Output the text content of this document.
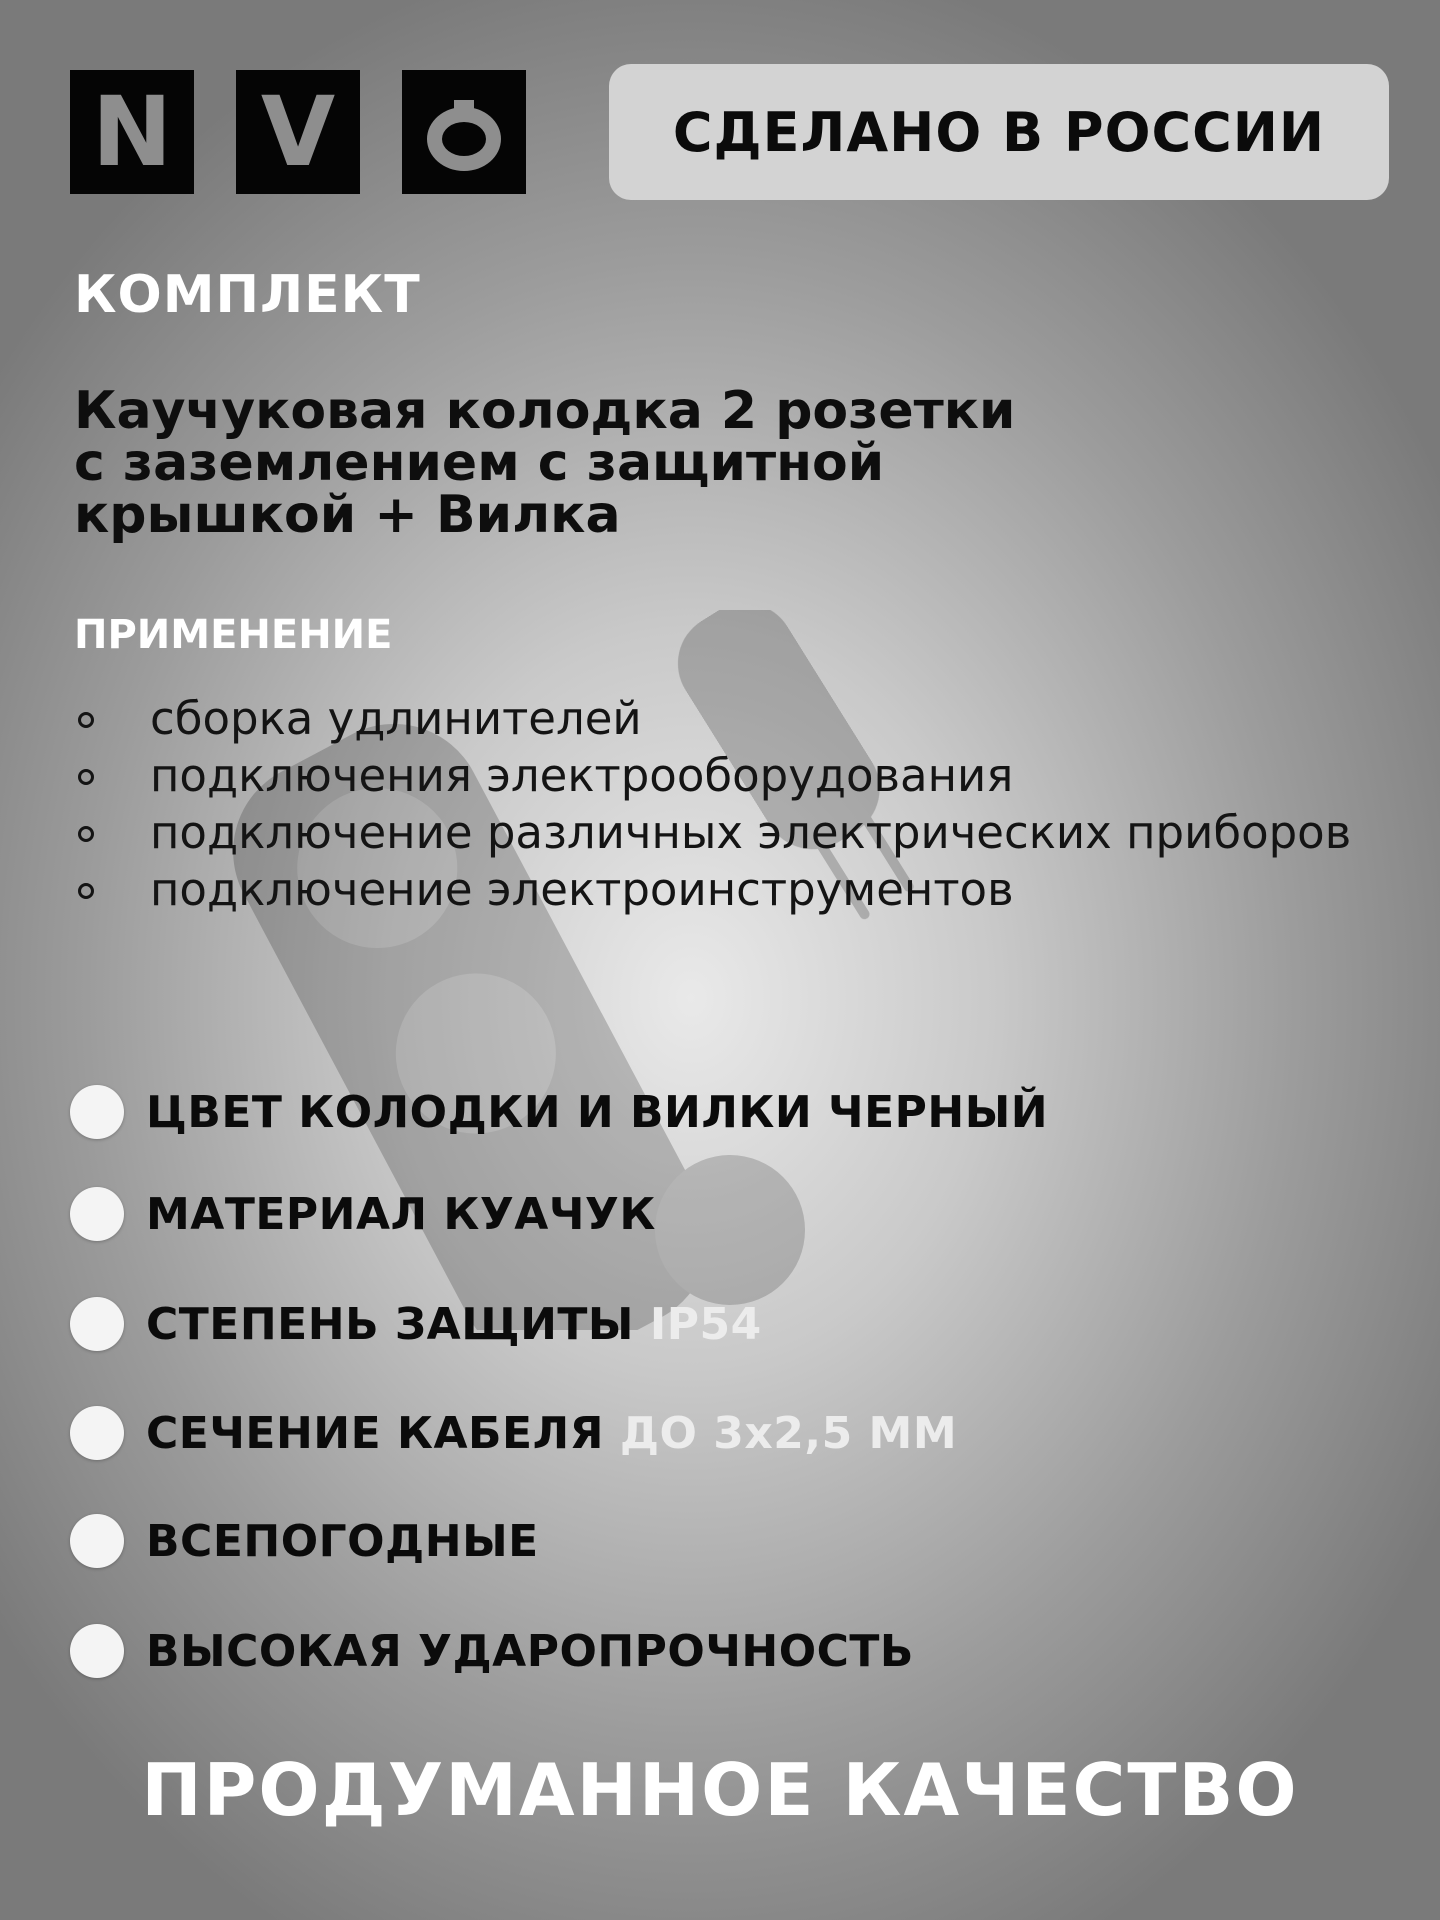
N V	СДЕЛАНО В РОССИИ
КОМПЛЕКТ
Каучуковая колодка 2 розетки
с заземлением с защитной
крышкой + Вилка
ПРИМЕНЕНИЕ
сборка удлинителей
подключения электрооборудования
подключение различных электрических приборов
подключение электроинструментов
ЦВЕТ КОЛОДКИ И ВИЛКИ ЧЕРНЫЙ
МАТЕРИАЛ КУАЧУК
СТЕПЕНЬ ЗАЩИТЫ IP54
СЕЧЕНИЕ КАБЕЛЯ ДО 3х2,5 ММ
ВСЕПОГОДНЫЕ
ВЫСОКАЯ УДАРОПРОЧНОСТЬ
ПРОДУМАННОЕ КАЧЕСТВО
